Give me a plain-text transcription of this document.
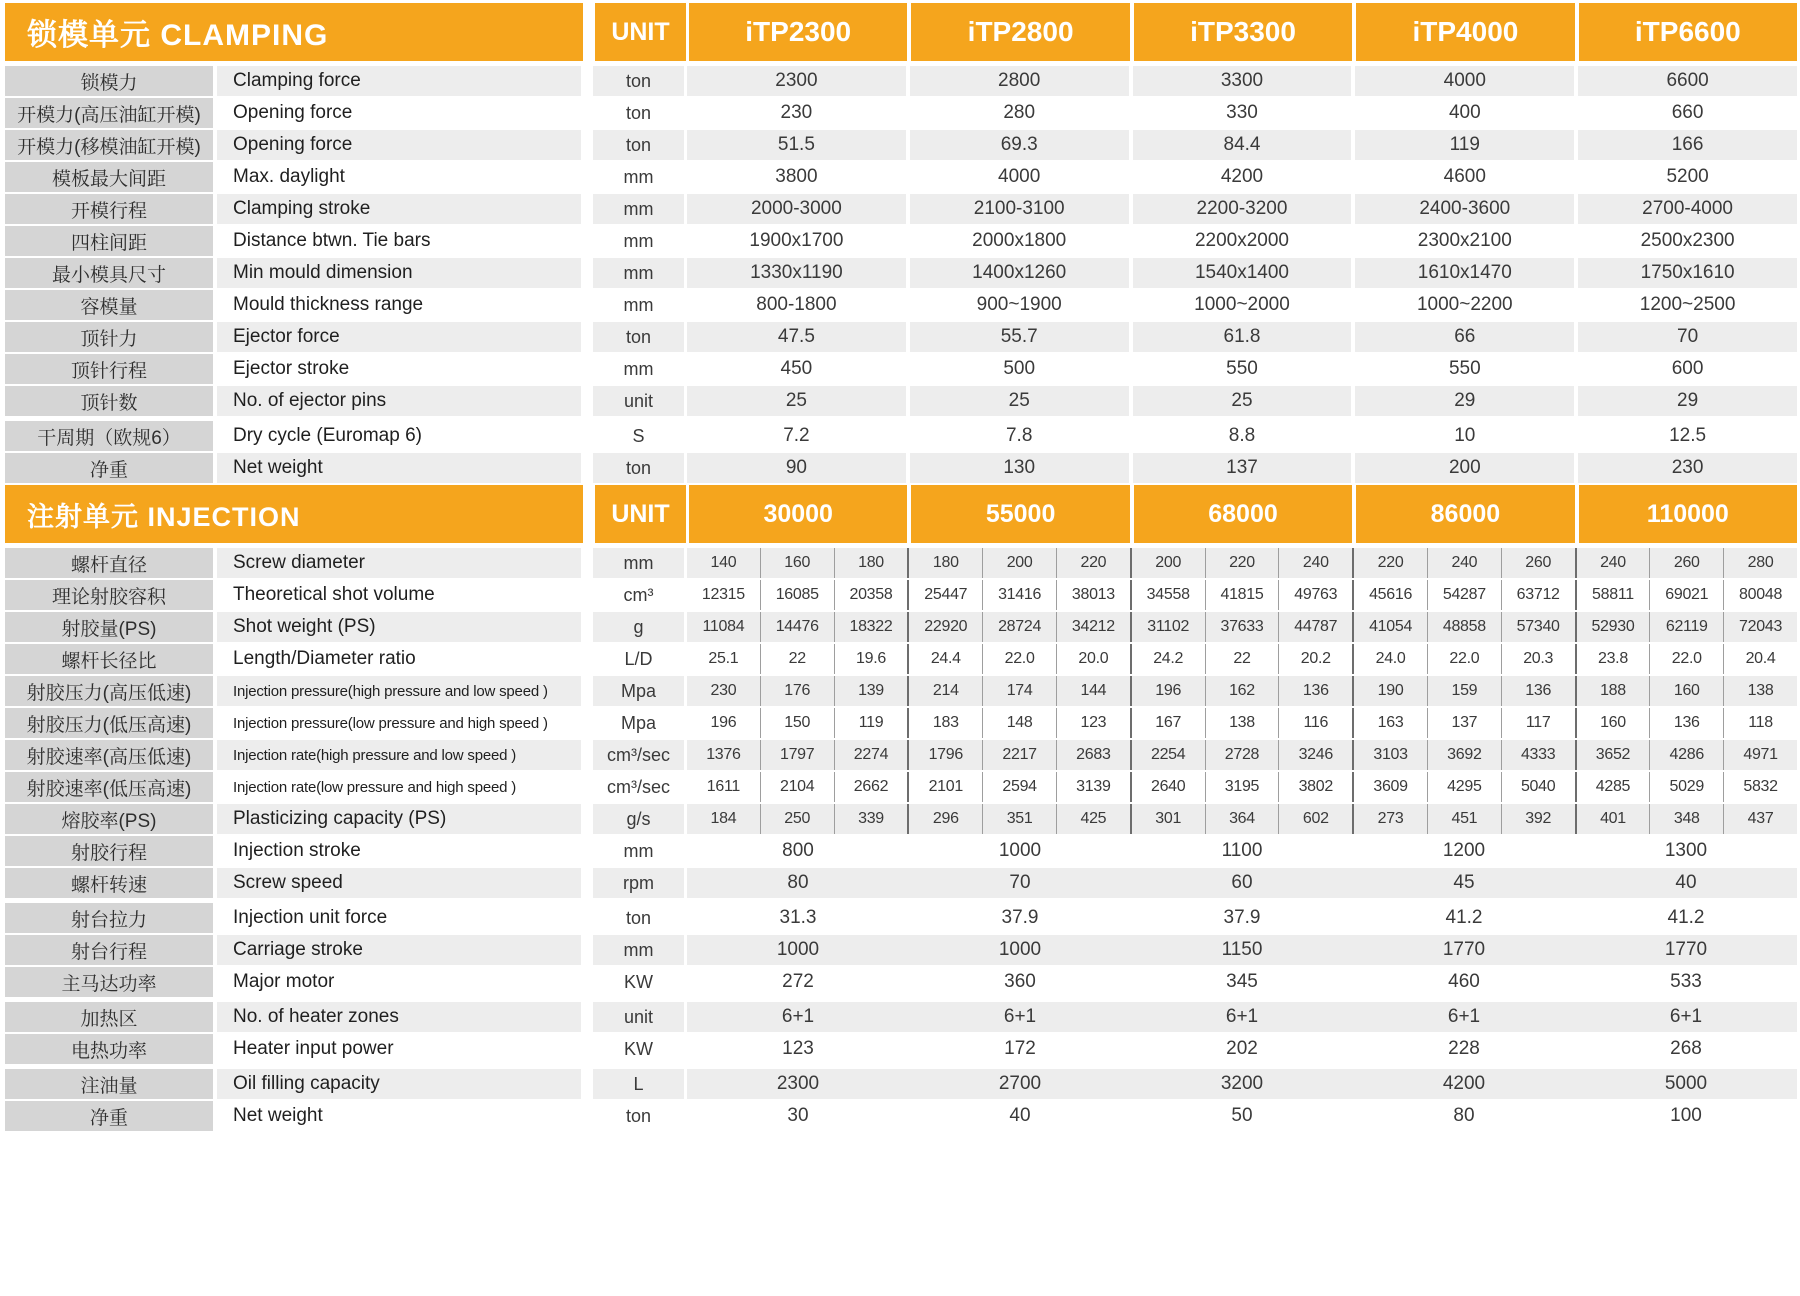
锁模单元 CLAMPING	UNIT	iTP2300	iTP2800	iTP3300	iTP4000	iTP6600
锁模力	Clamping force	ton	2300	2800	3300	4000	6600
开模力(高压油缸开模)	Opening force	ton	230	280	330	400	660
开模力(移模油缸开模)	Opening force	ton	51.5	69.3	84.4	119	166
模板最大间距	Max. daylight	mm	3800	4000	4200	4600	5200
开模行程	Clamping stroke	mm	2000-3000	2100-3100	2200-3200	2400-3600	2700-4000
四柱间距	Distance btwn. Tie bars	mm	1900x1700	2000x1800	2200x2000	2300x2100	2500x2300
最小模具尺寸	Min mould dimension	mm	1330x1190	1400x1260	1540x1400	1610x1470	1750x1610
容模量	Mould thickness range	mm	800-1800	900~1900	1000~2000	1000~2200	1200~2500
顶针力	Ejector force	ton	47.5	55.7	61.8	66	70
顶针行程	Ejector stroke	mm	450	500	550	550	600
顶针数	No. of ejector pins	unit	25	25	25	29	29
干周期（欧规6）	Dry cycle (Euromap 6)	S	7.2	7.8	8.8	10	12.5
净重	Net weight	ton	90	130	137	200	230
注射单元 INJECTION	UNIT	30000	55000	68000	86000	110000
螺杆直径	Screw diameter	mm	140	160	180	180	200	220	200	220	240	220	240	260	240	260	280
理论射胶容积	Theoretical shot volume	cm³	12315	16085	20358	25447	31416	38013	34558	41815	49763	45616	54287	63712	58811	69021	80048
射胶量(PS)	Shot weight (PS)	g	11084	14476	18322	22920	28724	34212	31102	37633	44787	41054	48858	57340	52930	62119	72043
螺杆长径比	Length/Diameter ratio	L/D	25.1	22	19.6	24.4	22.0	20.0	24.2	22	20.2	24.0	22.0	20.3	23.8	22.0	20.4
射胶压力(高压低速)	Injection pressure(high pressure and low speed )	Mpa	230	176	139	214	174	144	196	162	136	190	159	136	188	160	138
射胶压力(低压高速)	Injection pressure(low pressure and high speed )	Mpa	196	150	119	183	148	123	167	138	116	163	137	117	160	136	118
射胶速率(高压低速)	Injection rate(high pressure and low speed )	cm³/sec	1376	1797	2274	1796	2217	2683	2254	2728	3246	3103	3692	4333	3652	4286	4971
射胶速率(低压高速)	Injection rate(low pressure and high speed )	cm³/sec	1611	2104	2662	2101	2594	3139	2640	3195	3802	3609	4295	5040	4285	5029	5832
熔胶率(PS)	Plasticizing capacity (PS)	g/s	184	250	339	296	351	425	301	364	602	273	451	392	401	348	437
射胶行程	Injection stroke	mm	800	1000	1100	1200	1300
螺杆转速	Screw speed	rpm	80	70	60	45	40
射台拉力	Injection unit force	ton	31.3	37.9	37.9	41.2	41.2
射台行程	Carriage stroke	mm	1000	1000	1150	1770	1770
主马达功率	Major motor	KW	272	360	345	460	533
加热区	No. of heater zones	unit	6+1	6+1	6+1	6+1	6+1
电热功率	Heater input power	KW	123	172	202	228	268
注油量	Oil filling capacity	L	2300	2700	3200	4200	5000
净重	Net weight	ton	30	40	50	80	100
